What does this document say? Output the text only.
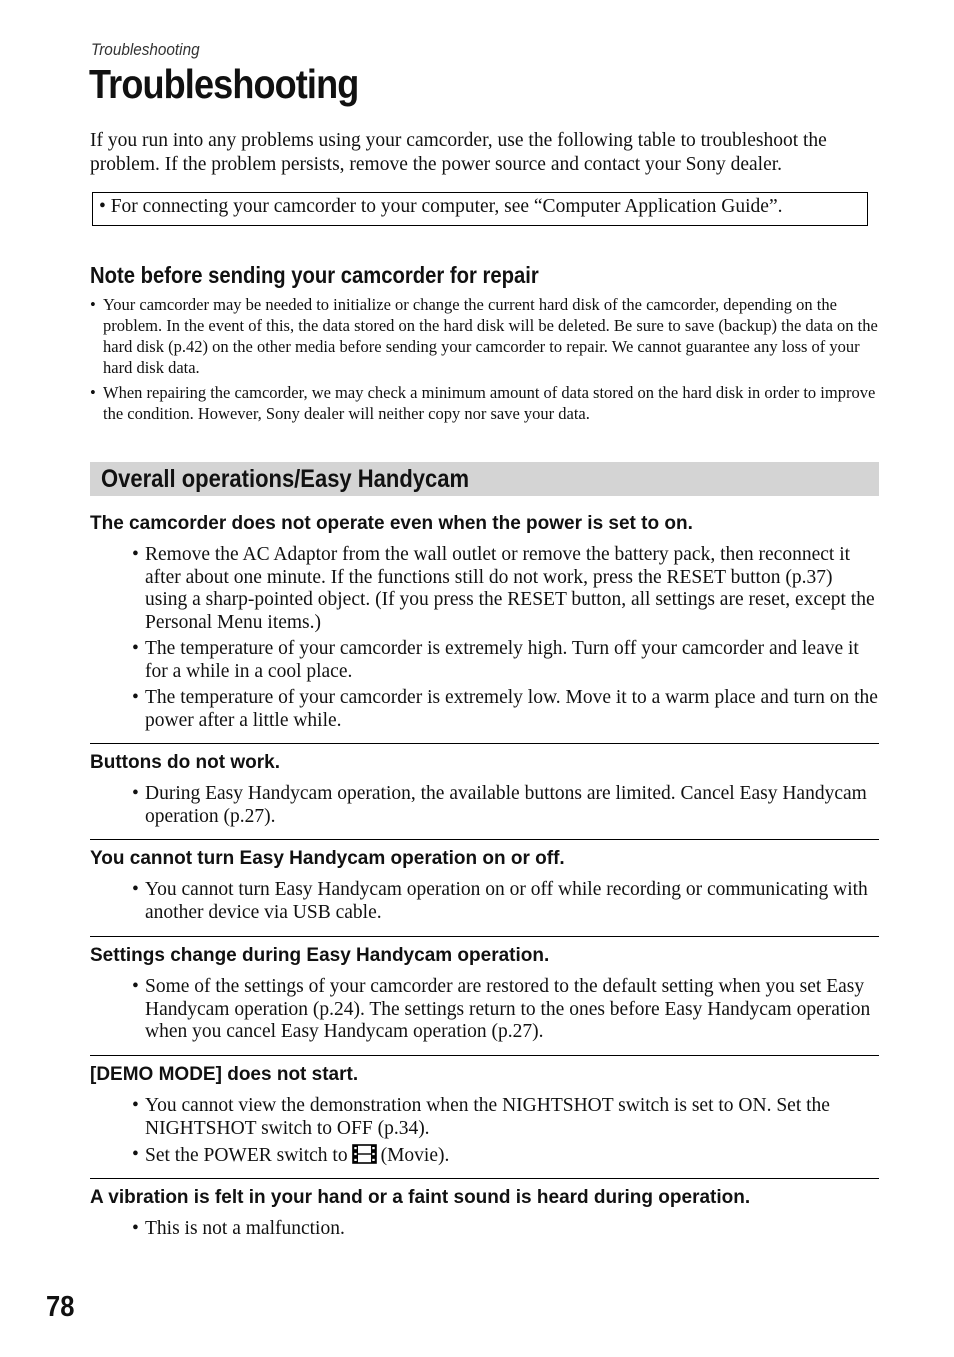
Troubleshooting
Troubleshooting

If you run into any problems using your camcorder, use the following table to troubleshoot the problem. If the problem persists, remove the power source and contact your Sony dealer.

• For connecting your camcorder to your computer, see “Computer Application Guide”.
Note before sending your camcorder for repair
• Your camcorder may be needed to initialize or change the current hard disk of the camcorder, depending on the problem. In the event of this, the data stored on the hard disk will be deleted. Be sure to save (backup) the data on the hard disk (p.42) on the other media before sending your camcorder to repair. We cannot guarantee any loss of your hard disk data.
• When repairing the camcorder, we may check a minimum amount of data stored on the hard disk in order to improve the condition. However, Sony dealer will neither copy nor save your data.
Overall operations/Easy Handycam
The camcorder does not operate even when the power is set to on.
• Remove the AC Adaptor from the wall outlet or remove the battery pack, then reconnect it after about one minute. If the functions still do not work, press the RESET button (p.37) using a sharp-pointed object. (If you press the RESET button, all settings are reset, except the Personal Menu items.)
• The temperature of your camcorder is extremely high. Turn off your camcorder and leave it for a while in a cool place.
• The temperature of your camcorder is extremely low. Move it to a warm place and turn on the power after a little while.
Buttons do not work.
• During Easy Handycam operation, the available buttons are limited. Cancel Easy Handycam operation (p.27).
You cannot turn Easy Handycam operation on or off.
• You cannot turn Easy Handycam operation on or off while recording or communicating with another device via USB cable.
Settings change during Easy Handycam operation.
• Some of the settings of your camcorder are restored to the default setting when you set Easy Handycam operation (p.24). The settings return to the ones before Easy Handycam operation when you cancel Easy Handycam operation (p.27).
[DEMO MODE] does not start.
• You cannot view the demonstration when the NIGHTSHOT switch is set to ON. Set the NIGHTSHOT switch to OFF (p.34).
• Set the POWER switch to (Movie).
A vibration is felt in your hand or a faint sound is heard during operation.
• This is not a malfunction.
78
